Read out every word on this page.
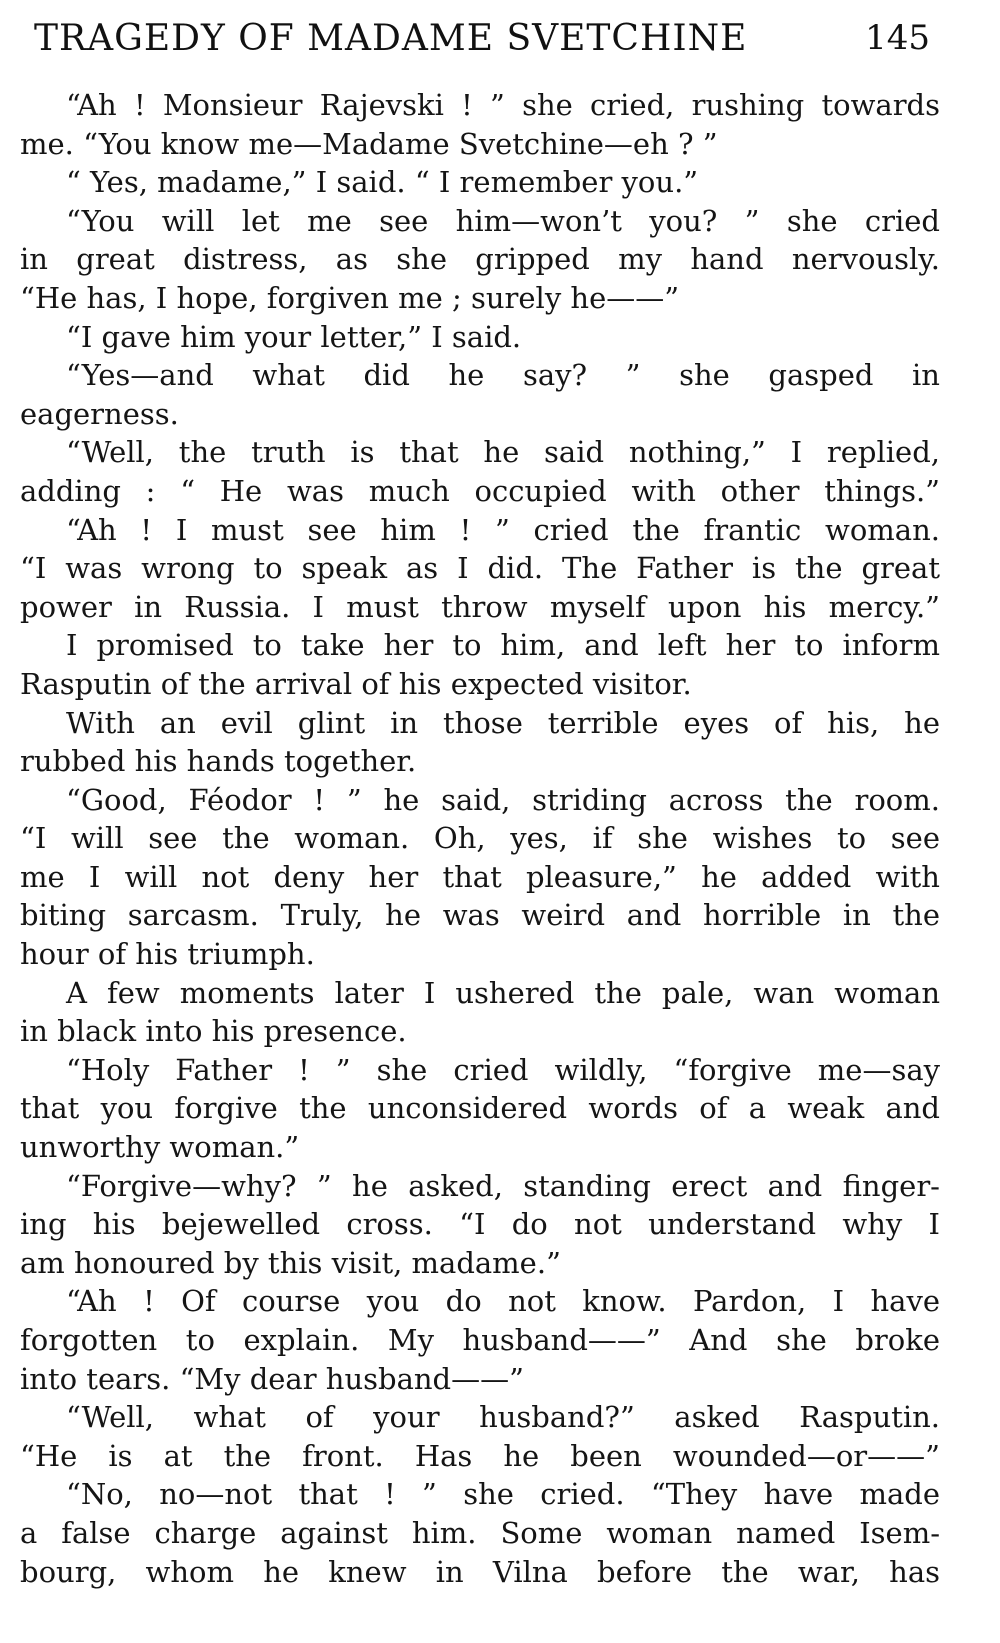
TRAGEDY OF MADAME SVETCHINE	145
“Ah ! Monsieur Rajevski ! ” she cried, rushing towards
me. “You know me—Madame Svetchine—eh ? ”
“ Yes, madame,” I said. “ I remember you.”
“You will let me see him—won’t you? ” she cried
in great distress, as she gripped my hand nervously.
“He has, I hope, forgiven me ; surely he——”
“I gave him your letter,” I said.
“Yes—and what did he say? ” she gasped in
eagerness.
“Well, the truth is that he said nothing,” I replied,
adding : “ He was much occupied with other things.”
“Ah ! I must see him ! ” cried the frantic woman.
“I was wrong to speak as I did. The Father is the great
power in Russia. I must throw myself upon his mercy.”
I promised to take her to him, and left her to inform
Rasputin of the arrival of his expected visitor.
With an evil glint in those terrible eyes of his, he
rubbed his hands together.
“Good, Féodor ! ” he said, striding across the room.
“I will see the woman. Oh, yes, if she wishes to see
me I will not deny her that pleasure,” he added with
biting sarcasm. Truly, he was weird and horrible in the
hour of his triumph.
A few moments later I ushered the pale, wan woman
in black into his presence.
“Holy Father ! ” she cried wildly, “forgive me—say
that you forgive the unconsidered words of a weak and
unworthy woman.”
“Forgive—why? ” he asked, standing erect and finger-
ing his bejewelled cross. “I do not understand why I
am honoured by this visit, madame.”
“Ah ! Of course you do not know. Pardon, I have
forgotten to explain. My husband——” And she broke
into tears. “My dear husband——”
“Well, what of your husband?” asked Rasputin.
“He is at the front. Has he been wounded—or——”
“No, no—not that ! ” she cried. “They have made
a false charge against him. Some woman named Isem-
bourg, whom he knew in Vilna before the war, has
